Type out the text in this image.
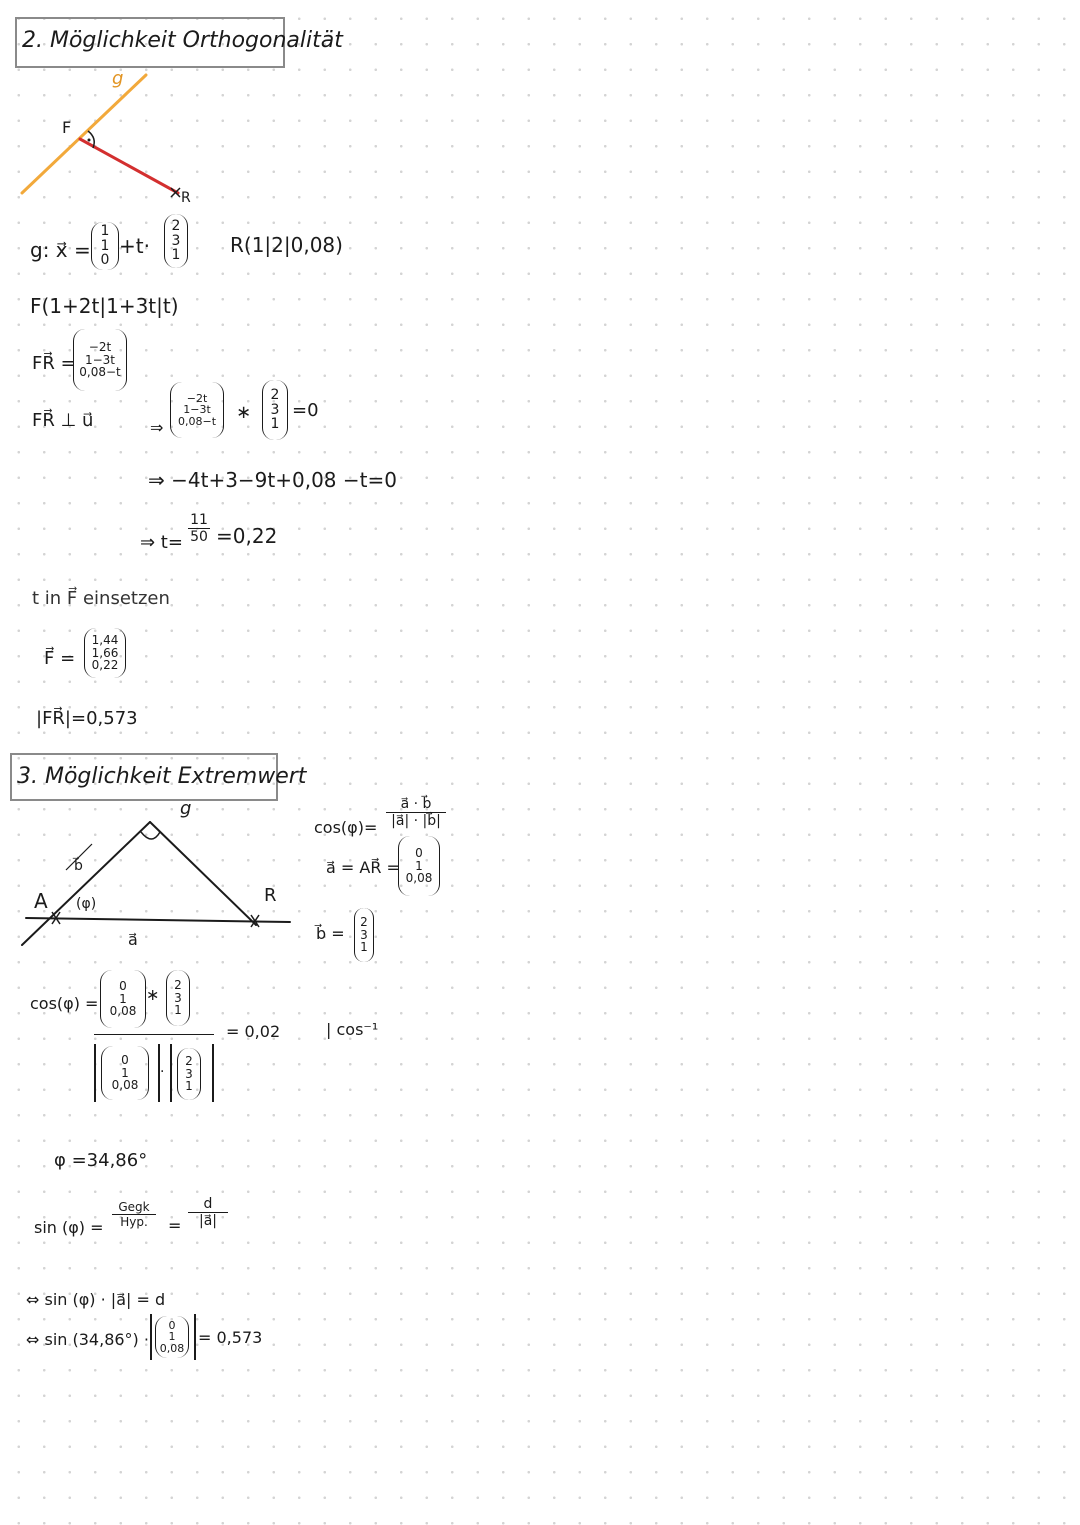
2. Möglichkeit Orthogonalität
g
F
R
g: x⃗ =
1
1
0
+t·
2
3
1 R(1|2|0,08)
F(1+2t|1+3t|t)
FR⃗ =
−2t
1−3t
0,08−t
FR⃗ ⊥ u⃗	⇒
−2t
1−3t
0,08−t ∗
2
3
1
=0
⇒ −4t+3−9t+0,08 −t=0
⇒ t=
11
50 =0,22
t in F⃗ einsetzen
F⃗ =
1,44
1,66
0,22
|FR⃗|=0,573
3. Möglichkeit Extremwert
A	R
g
b⃗
(φ)
a⃗
cos(φ)=
a⃗ · b⃗
|a⃗| · |b⃗|
a⃗ = AR⃗ =
0
1
0,08
b⃗ =
2
3
1
cos(φ) =
0
1
0,08
∗ 2
3
1
0
1
0,08
·
2
3
1
= 0,02	| cos⁻¹
φ =34,86°
sin (φ) =
Gegk
Hyp. =
d
|a⃗|
⇔ sin (φ) · |a⃗| = d
⇔ sin (34,86°) ·
0
1
0,08
= 0,573
